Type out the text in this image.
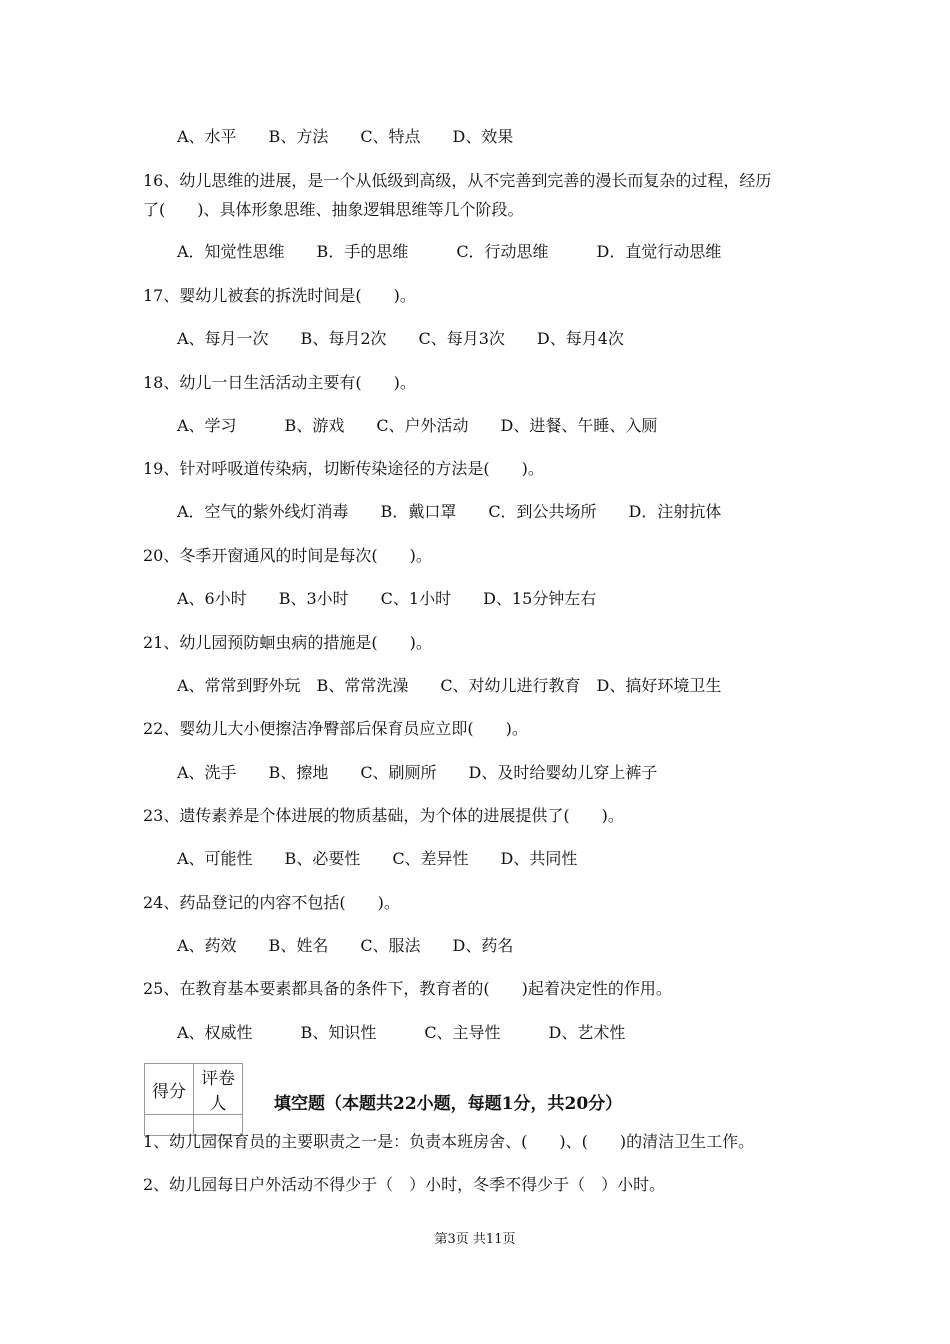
A、水平　　B、方法　　C、特点　　D、效果
16、幼儿思维的进展，是一个从低级到高级，从不完善到完善的漫长而复杂的过程，经历
了(　　)、具体形象思维、抽象逻辑思维等几个阶段。
A．知觉性思维　　B．手的思维　　　C．行动思维　　　D．直觉行动思维
17、婴幼儿被套的拆洗时间是(　　)。
A、每月一次　　B、每月2次　　C、每月3次　　D、每月4次
18、幼儿一日生活活动主要有(　　)。
A、学习　　　B、游戏　　C、户外活动　　D、进餐、午睡、入厕
19、针对呼吸道传染病，切断传染途径的方法是(　　)。
A．空气的紫外线灯消毒　　B．戴口罩　　C．到公共场所　　D．注射抗体
20、冬季开窗通风的时间是每次(　　)。
A、6小时　　B、3小时　　C、1小时　　D、15分钟左右
21、幼儿园预防蛔虫病的措施是(　　)。
A、常常到野外玩　B、常常洗澡　　C、对幼儿进行教育　D、搞好环境卫生
22、婴幼儿大小便擦洁净臀部后保育员应立即(　　)。
A、洗手　　B、擦地　　C、刷厕所　　D、及时给婴幼儿穿上裤子
23、遗传素养是个体进展的物质基础，为个体的进展提供了(　　)。
A、可能性　　B、必要性　　C、差异性　　D、共同性
24、药品登记的内容不包括(　　)。
A、药效　　B、姓名　　C、服法　　D、药名
25、在教育基本要素都具备的条件下，教育者的(　　)起着决定性的作用。
A、权威性　　　B、知识性　　　C、主导性　　　D、艺术性
得分	评卷人
		填空题（本题共22小题，每题1分，共20分）
1、幼儿园保育员的主要职责之一是：负责本班房舍、(　　)、(　　)的清洁卫生工作。
2、幼儿园每日户外活动不得少于（　）小时，冬季不得少于（　）小时。
第3页 共11页
